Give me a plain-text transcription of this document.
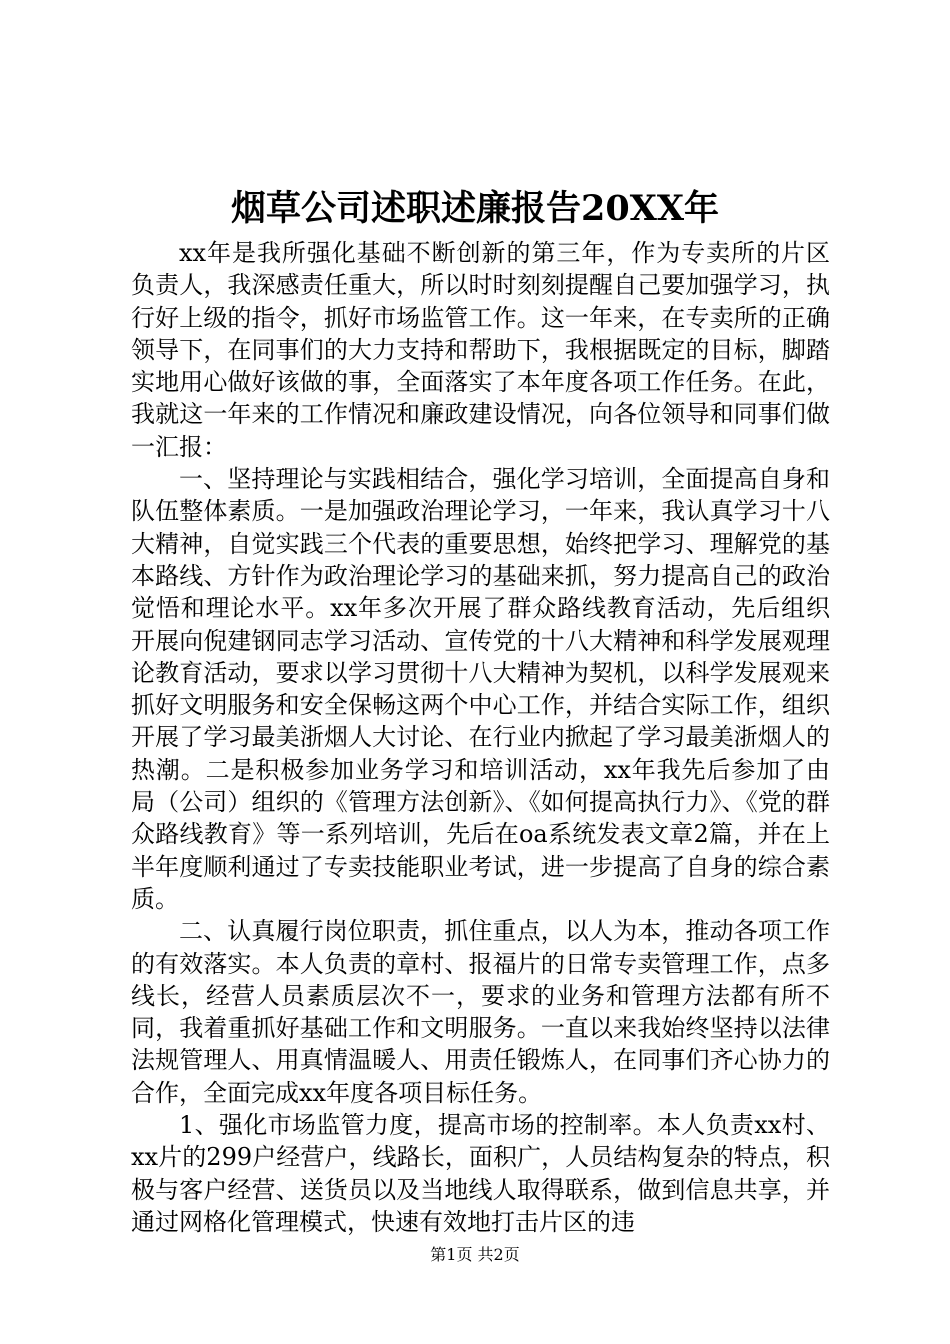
烟草公司述职述廉报告20XX年

xx年是我所强化基础不断创新的第三年，作为专卖所的片区负责人，我深感责任重大，所以时时刻刻提醒自己要加强学习，执行好上级的指令，抓好市场监管工作。这一年来，在专卖所的正确领导下，在同事们的大力支持和帮助下，我根据既定的目标，脚踏实地用心做好该做的事，全面落实了本年度各项工作任务。在此，我就这一年来的工作情况和廉政建设情况，向各位领导和同事们做一汇报：

一、坚持理论与实践相结合，强化学习培训，全面提高自身和队伍整体素质。一是加强政治理论学习，一年来，我认真学习十八大精神，自觉实践三个代表的重要思想，始终把学习、理解党的基本路线、方针作为政治理论学习的基础来抓，努力提高自己的政治觉悟和理论水平。xx年多次开展了群众路线教育活动，先后组织开展向倪建钢同志学习活动、宣传党的十八大精神和科学发展观理论教育活动，要求以学习贯彻十八大精神为契机，以科学发展观来抓好文明服务和安全保畅这两个中心工作，并结合实际工作，组织开展了学习最美浙烟人大讨论、在行业内掀起了学习最美浙烟人的热潮。二是积极参加业务学习和培训活动，xx年我先后参加了由局（公司）组织的《管理方法创新》、《如何提高执行力》、《党的群众路线教育》等一系列培训，先后在oa系统发表文章2篇，并在上半年度顺利通过了专卖技能职业考试，进一步提高了自身的综合素质。

二、认真履行岗位职责，抓住重点，以人为本，推动各项工作的有效落实。本人负责的章村、报福片的日常专卖管理工作，点多线长，经营人员素质层次不一，要求的业务和管理方法都有所不同，我着重抓好基础工作和文明服务。一直以来我始终坚持以法律法规管理人、用真情温暖人、用责任锻炼人，在同事们齐心协力的合作，全面完成xx年度各项目标任务。

1、强化市场监管力度，提高市场的控制率。本人负责xx村、xx片的299户经营户，线路长，面积广，人员结构复杂的特点，积极与客户经营、送货员以及当地线人取得联系，做到信息共享，并通过网格化管理模式，快速有效地打击片区的违

第1页 共2页
